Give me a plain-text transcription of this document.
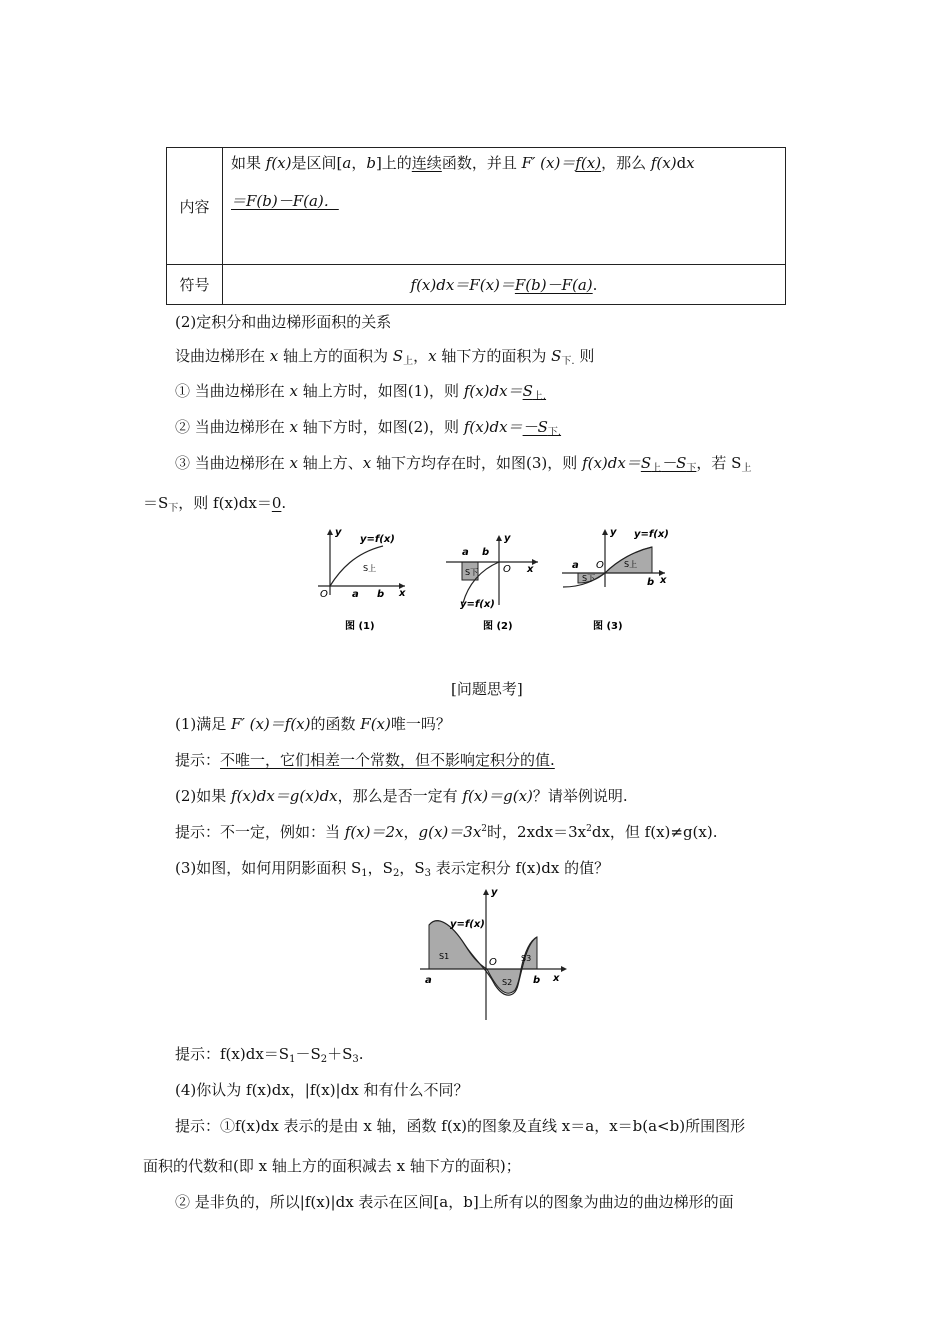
内容	如果 f(x)是区间[a，b]上的连续函数，并且 F′ (x)＝f(x)，那么 f(x)dx
＝F(b)－F(a)．

符号	f(x)dx＝F(x)＝F(b)－F(a).
(2)定积分和曲边梯形面积的关系
设曲边梯形在 x 轴上方的面积为 $S_上$，x 轴下方的面积为 $S_{下.}$ 则
① 当曲边梯形在 x 轴上方时，如图(1)，则 $f(x)dx=S_{上.}$
② 当曲边梯形在 x 轴下方时，如图(2)，则 $f(x)dx=-S_{下.}$
③ 当曲边梯形在 x 轴上方、x 轴下方均存在时，如图(3)，则 $f(x)dx=S_上-S_下$，若 $S_上$
$=S_下$，则 f(x)dx＝0.
y
y=f(x)
O a b x
S上
图 (1)
y
a b
O x
S下
y=f(x)
图 (2)
y y=f(x)
a O
b x
S上
S下
图 (3)
[问题思考]
(1)满足 F′ (x)＝f(x)的函数 F(x)唯一吗？
提示：不唯一，它们相差一个常数，但不影响定积分的值.
(2)如果 f(x)dx＝g(x)dx，那么是否一定有 f(x)＝g(x)？请举例说明.
提示：不一定，例如：当 f(x)＝2x，$g(x)=3x^2$时，$2xdx=3x^2dx$，但 f(x)≠g(x).
(3)如图，如何用阴影面积 $S_1$，$S_2$，$S_3$ 表示定积分 f(x)dx 的值？
y
y=f(x)
O
S1
S2
S3
a	b x
提示：$f(x)dx=S_1-S_2+S_3$.
(4)你认为 f(x)dx，|f(x)|dx 和有什么不同？
提示：①f(x)dx 表示的是由 x 轴，函数 f(x)的图象及直线 x＝a，x＝b(a<b)所围图形
面积的代数和(即 x 轴上方的面积减去 x 轴下方的面积)；
② 是非负的，所以|f(x)|dx 表示在区间[a，b]上所有以的图象为曲边的曲边梯形的面
